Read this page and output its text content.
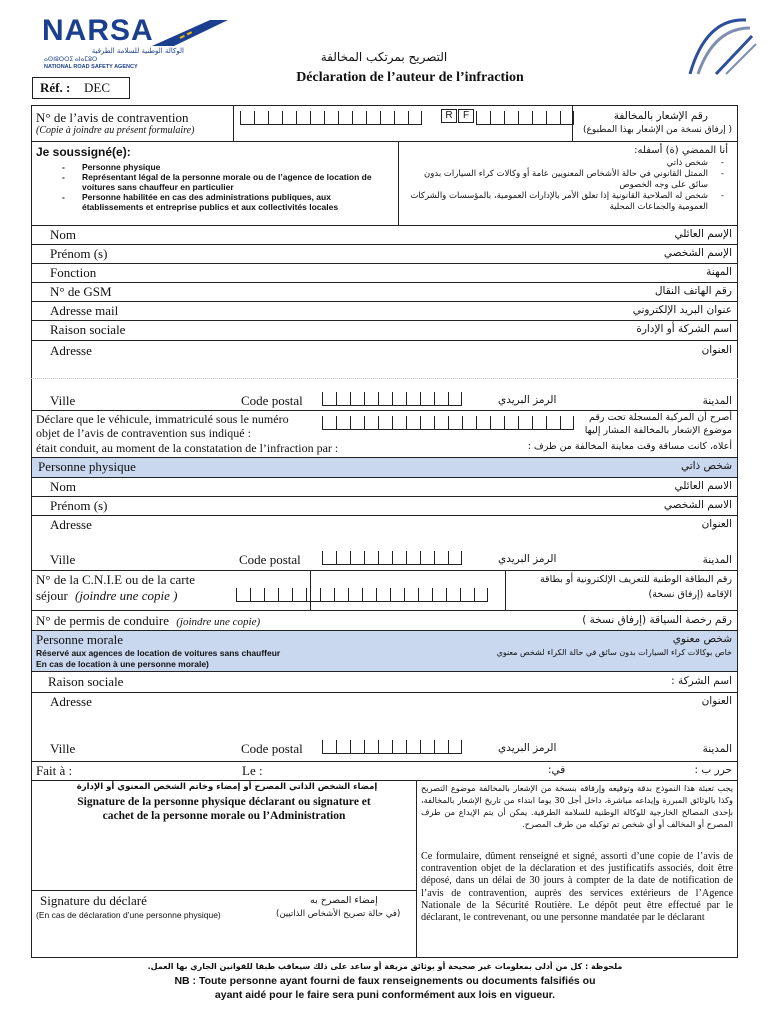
NARSA
الوكالة الوطنية للسلامة الطرقية
ⴰⵙⵏⵓⵔⵔⵉ ⴰⵏⴰⵎⵓⵔ
NATIONAL ROAD SAFETY AGENCY
التصريح بمرتكب المخالفة
Déclaration de l’auteur de l’infraction
Réf. : DEC
N° de l’avis de contravention
(Copie à joindre au présent formulaire)
R	F	رقم الإشعار بالمخالفة
( إرفاق نسخة من الإشعار بهذا المطبوع)
Je soussigné(e):
- Personne physique
- Représentant légal de la personne morale ou de l’agence de location de voitures sans chauffeur en particulier
- Personne habilitée en cas des administrations publiques, aux établissements et entreprise publics et aux collectivités locales
أنا الممضي (ة) أسفله:
- شخص ذاتي
- الممثل القانوني في حالة الأشخاص المعنويين عامة أو وكالات كراء السيارات بدون سائق على وجه الخصوص
- شخص له الصلاحية القانونية إذا تعلق الأمر بالإدارات العمومية، بالمؤسسات والشركات العمومية والجماعات المحلية
Nom	الإسم العائلي
Prénom (s)	الإسم الشخصي
Fonction	المهنة
N° de GSM	رقم الهاتف النقال
Adresse mail	عنوان البريد الإلكتروني
Raison sociale	اسم الشركة أو الإدارة
Adresse	العنوان
Ville	Code postal	الرمز البريدي	المدينة
Déclare que le véhicule, immatriculé sous le numéro
objet de l’avis de contravention sus indiqué :
était conduit, au moment de la constatation de l’infraction par :
أصرح أن المركبة المسجلة تحت رقم
موضوع الإشعار بالمخالفة المشار إليها
أعلاه، كانت مساقة وقت معاينة المخالفة من طرف :
Personne physique	شخص ذاتي
Nom	الاسم العائلي
Prénom (s)	الاسم الشخصي
Adresse	العنوان
Ville	Code postal	الرمز البريدي	المدينة
N° de la C.N.I.E ou de la carte
séjour (joindre une copie )
رقم البطاقة الوطنية للتعريف الإلكترونية أو بطاقة
الإقامة (إرفاق نسخة)
N° de permis de conduire (joindre une copie)	رقم رخصة السياقة (إرفاق نسخة )
Personne morale
Réservé aux agences de location de voitures sans chauffeur
En cas de location à une personne morale)
شخص معنوي
خاص بوكالات كراء السيارات بدون سائق في حالة الكراء لشخص معنوي
Raison sociale	اسم الشركة :
Adresse	العنوان
Ville	Code postal	الرمز البريدي	المدينة
Fait à :	Le :	في:	حرر ب :
إمضاء الشخص الذاتي المصرح أو إمضاء وخاتم الشخص المعنوي أو الإدارة
Signature de la personne physique déclarant ou signature et
cachet de la personne morale ou l’Administration
Signature du déclaré
(En cas de déclaration d’une personne physique)
إمضاء المصرح به
(في حالة تصريح الأشخاص الذاتيين)
يجب تعبئة هذا النموذج بدقة وتوقيعه وإرفاقه بنسخة من الإشعار بالمخالفة موضوع التصريح وكذا بالوثائق المبررة وإيداعه مباشرة، داخل أجل 30 يوما ابتداء من تاريخ الإشعار بالمخالفة، بإحدى المصالح الخارجية للوكالة الوطنية للسلامة الطرقية. يمكن أن يتم الإيداع من طرف المصرح أو المخالف أو أي شخص تم توكيله من طرف المصرح.
Ce formulaire, dûment renseigné et signé, assorti d’une copie de l’avis de contravention objet de la déclaration et des justificatifs associés, doit être déposé, dans un délai de 30 jours à compter de la date de notification de l’avis de contravention, auprès des services extérieurs de l’Agence Nationale de la Sécurité Routière. Le dépôt peut être effectué par le déclarant, le contrevenant, ou une personne mandatée par le déclarant
ملحوظة : كل من أدلى بمعلومات غير صحيحة أو بوثائق مزيفة أو ساعد على ذلك سيعاقب طبقا للقوانين الجاري بها العمل.
NB : Toute personne ayant fourni de faux renseignements ou documents falsifiés ou
ayant aidé pour le faire sera puni conformément aux lois en vigueur.
